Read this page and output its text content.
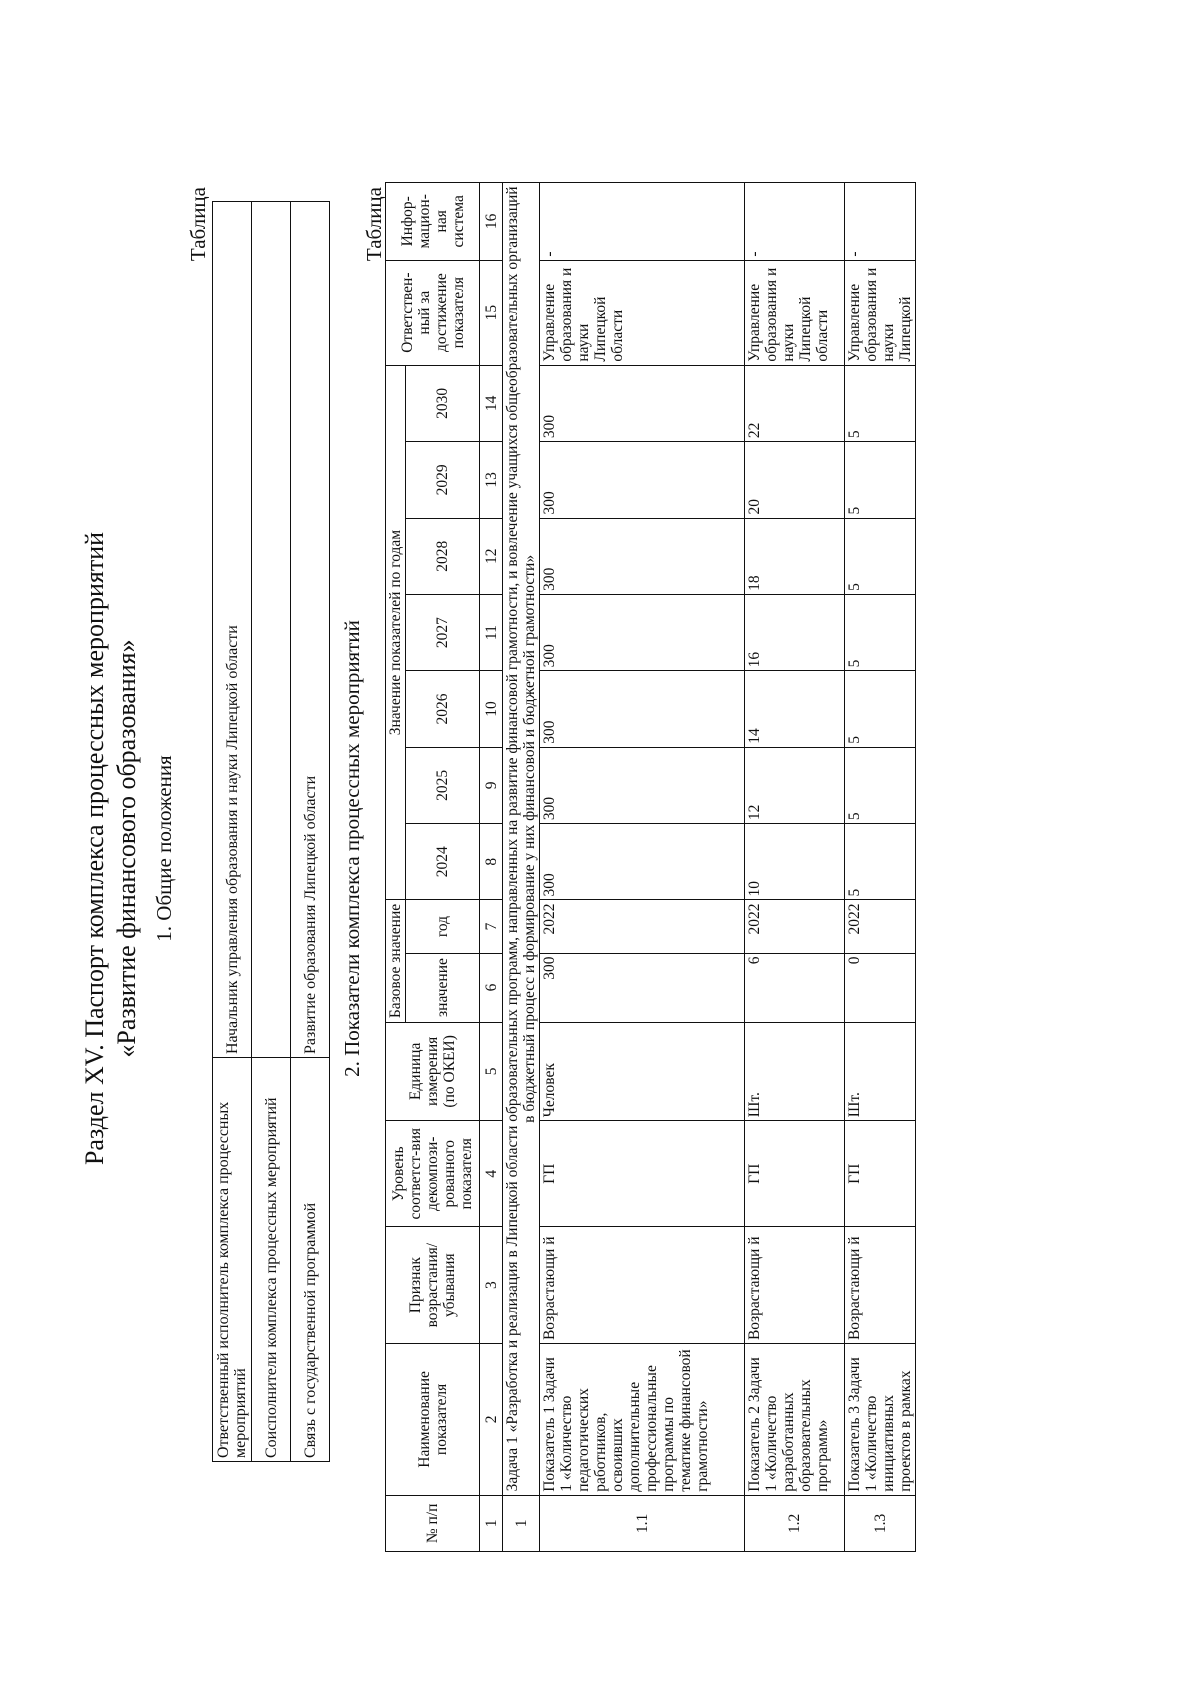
Раздел XV. Паспорт комплекса процессных мероприятий «Развитие финансового образования» 1. Общие положения
Таблица
Ответственный исполнитель комплекса процессных мероприятий	Начальник управления образования и науки Липецкой области
Соисполнители комплекса процессных мероприятий	
Связь с государственной программой	Развитие образования Липецкой области 2. Показатели комплекса процессных мероприятий
Таблица
№ п/п	Наименование показателя	Признак возрастания/ убывания	Уровень соответст-вия декомпози-рованного показателя	Единица измерения (по ОКЕИ)	Базовое значение		Значение показателей по годам							Ответствен-ный за достижение показателя	Инфор-мацион-ная система
					значение	год	2024	2025	2026	2027	2028	2029	2030		
1	2	3	4	5	6	7	8	9	10	11	12	13	14	15	16
1	Задача 1 «Разработка и реализация в Липецкой области образовательных программ, направленных на развитие финансовой грамотности, и вовлечение учащихся общеобразовательных организаций в бюджетный процесс и формирование у них финансовой и бюджетной грамотности»														
1.1	Показатель 1 Задачи 1 «Количество педагогических работников, освоивших дополнительные профессиональные программы по тематике финансовой грамотности»	Возрастающи й	ГП	Человек	300	2022	300	300	300	300	300	300	300	Управление образования и науки Липецкой области	-
1.2	Показатель 2 Задачи 1 «Количество разработанных образовательных программ»	Возрастающи й	ГП	Шт.	6	2022	10	12	14	16	18	20	22	Управление образования и науки Липецкой области	-
1.3	Показатель 3 Задачи 1 «Количество инициативных проектов в рамках	Возрастающи й	ГП	Шт.	0	2022	5	5	5	5	5	5	5	Управление образования и науки Липецкой	-
